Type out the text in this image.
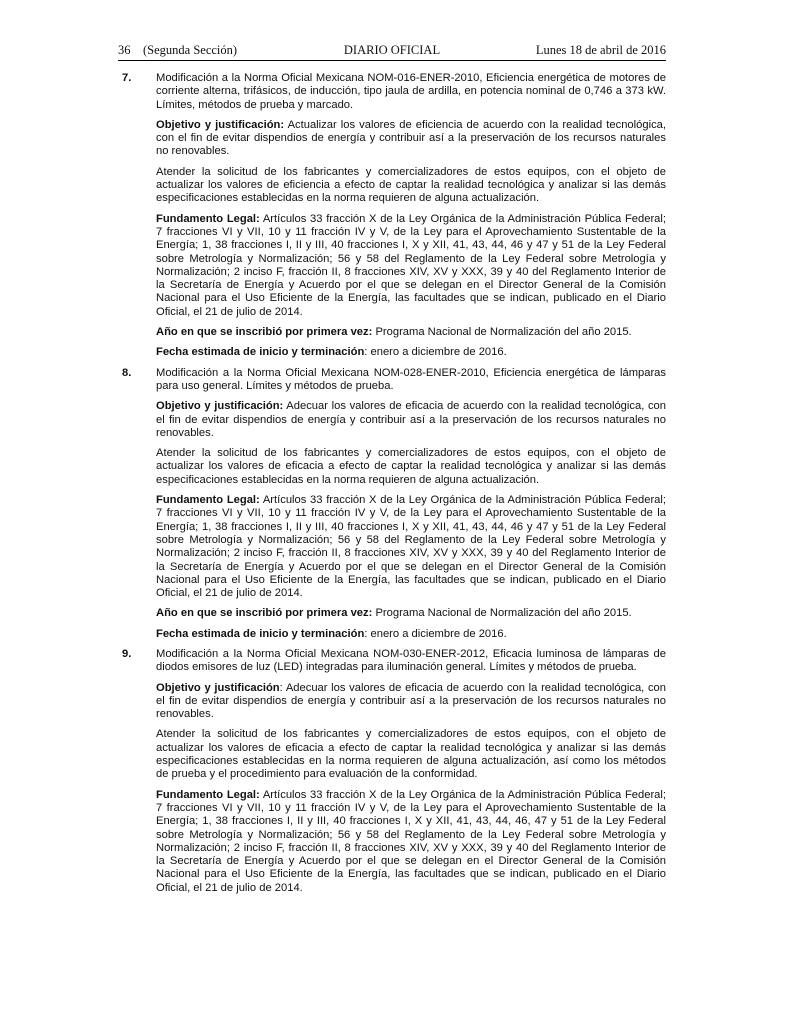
36 (Segunda Sección)	DIARIO OFICIAL	Lunes 18 de abril de 2016
7. Modificación a la Norma Oficial Mexicana NOM-016-ENER-2010, Eficiencia energética de motores de corriente alterna, trifásicos, de inducción, tipo jaula de ardilla, en potencia nominal de 0,746 a 373 kW. Límites, métodos de prueba y marcado.

Objetivo y justificación: Actualizar los valores de eficiencia de acuerdo con la realidad tecnológica, con el fin de evitar dispendios de energía y contribuir así a la preservación de los recursos naturales no renovables.

Atender la solicitud de los fabricantes y comercializadores de estos equipos, con el objeto de actualizar los valores de eficiencia a efecto de captar la realidad tecnológica y analizar si las demás especificaciones establecidas en la norma requieren de alguna actualización.

Fundamento Legal: Artículos 33 fracción X de la Ley Orgánica de la Administración Pública Federal; 7 fracciones VI y VII, 10 y 11 fracción IV y V, de la Ley para el Aprovechamiento Sustentable de la Energía; 1, 38 fracciones I, II y III, 40 fracciones I, X y XII, 41, 43, 44, 46 y 47 y 51 de la Ley Federal sobre Metrología y Normalización; 56 y 58 del Reglamento de la Ley Federal sobre Metrología y Normalización; 2 inciso F, fracción II, 8 fracciones XIV, XV y XXX, 39 y 40 del Reglamento Interior de la Secretaría de Energía y Acuerdo por el que se delegan en el Director General de la Comisión Nacional para el Uso Eficiente de la Energía, las facultades que se indican, publicado en el Diario Oficial, el 21 de julio de 2014.

Año en que se inscribió por primera vez: Programa Nacional de Normalización del año 2015.

Fecha estimada de inicio y terminación: enero a diciembre de 2016.

8. Modificación a la Norma Oficial Mexicana NOM-028-ENER-2010, Eficiencia energética de lámparas para uso general. Límites y métodos de prueba.

Objetivo y justificación: Adecuar los valores de eficacia de acuerdo con la realidad tecnológica, con el fin de evitar dispendios de energía y contribuir así a la preservación de los recursos naturales no renovables.

Atender la solicitud de los fabricantes y comercializadores de estos equipos, con el objeto de actualizar los valores de eficacia a efecto de captar la realidad tecnológica y analizar si las demás especificaciones establecidas en la norma requieren de alguna actualización.

Fundamento Legal: Artículos 33 fracción X de la Ley Orgánica de la Administración Pública Federal; 7 fracciones VI y VII, 10 y 11 fracción IV y V, de la Ley para el Aprovechamiento Sustentable de la Energía; 1, 38 fracciones I, II y III, 40 fracciones I, X y XII, 41, 43, 44, 46 y 47 y 51 de la Ley Federal sobre Metrología y Normalización; 56 y 58 del Reglamento de la Ley Federal sobre Metrología y Normalización; 2 inciso F, fracción II, 8 fracciones XIV, XV y XXX, 39 y 40 del Reglamento Interior de la Secretaría de Energía y Acuerdo por el que se delegan en el Director General de la Comisión Nacional para el Uso Eficiente de la Energía, las facultades que se indican, publicado en el Diario Oficial, el 21 de julio de 2014.

Año en que se inscribió por primera vez: Programa Nacional de Normalización del año 2015.

Fecha estimada de inicio y terminación: enero a diciembre de 2016.

9. Modificación a la Norma Oficial Mexicana NOM-030-ENER-2012, Eficacia luminosa de lámparas de diodos emisores de luz (LED) integradas para iluminación general. Límites y métodos de prueba.

Objetivo y justificación: Adecuar los valores de eficacia de acuerdo con la realidad tecnológica, con el fin de evitar dispendios de energía y contribuir así a la preservación de los recursos naturales no renovables.

Atender la solicitud de los fabricantes y comercializadores de estos equipos, con el objeto de actualizar los valores de eficacia a efecto de captar la realidad tecnológica y analizar si las demás especificaciones establecidas en la norma requieren de alguna actualización, así como los métodos de prueba y el procedimiento para evaluación de la conformidad.

Fundamento Legal: Artículos 33 fracción X de la Ley Orgánica de la Administración Pública Federal; 7 fracciones VI y VII, 10 y 11 fracción IV y V, de la Ley para el Aprovechamiento Sustentable de la Energía; 1, 38 fracciones I, II y III, 40 fracciones I, X y XII, 41, 43, 44, 46, 47 y 51 de la Ley Federal sobre Metrología y Normalización; 56 y 58 del Reglamento de la Ley Federal sobre Metrología y Normalización; 2 inciso F, fracción II, 8 fracciones XIV, XV y XXX, 39 y 40 del Reglamento Interior de la Secretaría de Energía y Acuerdo por el que se delegan en el Director General de la Comisión Nacional para el Uso Eficiente de la Energía, las facultades que se indican, publicado en el Diario Oficial, el 21 de julio de 2014.
